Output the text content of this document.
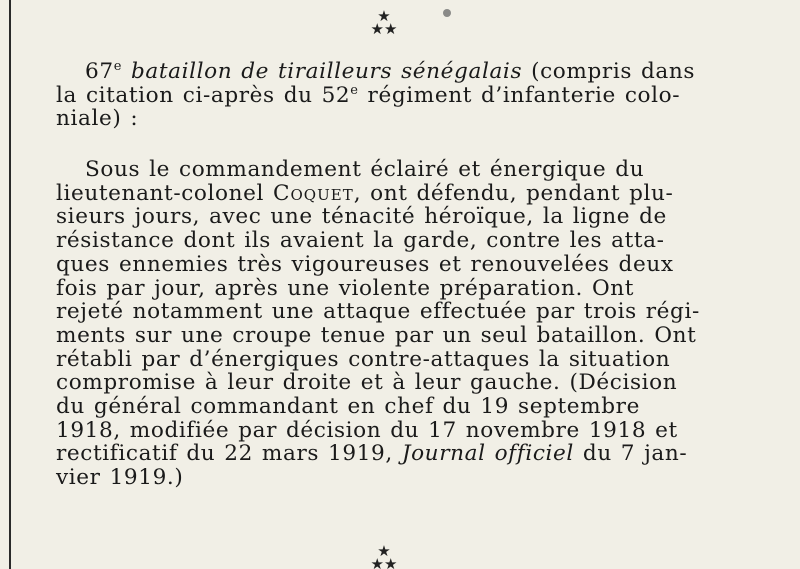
★
★★

67e bataillon de tirailleurs sénégalais (compris dans
la citation ci-après du 52e régiment d’infanterie colo-
niale) :

Sous le commandement éclairé et énergique du
lieutenant-colonel Coquet, ont défendu, pendant plu-
sieurs jours, avec une ténacité héroïque, la ligne de
résistance dont ils avaient la garde, contre les atta-
ques ennemies très vigoureuses et renouvelées deux
fois par jour, après une violente préparation. Ont
rejeté notamment une attaque effectuée par trois régi-
ments sur une croupe tenue par un seul bataillon. Ont
rétabli par d’énergiques contre-attaques la situation
compromise à leur droite et à leur gauche. (Décision
du général commandant en chef du 19 septembre
1918, modifiée par décision du 17 novembre 1918 et
rectificatif du 22 mars 1919, Journal officiel du 7 jan-
vier 1919.)

★
★★
